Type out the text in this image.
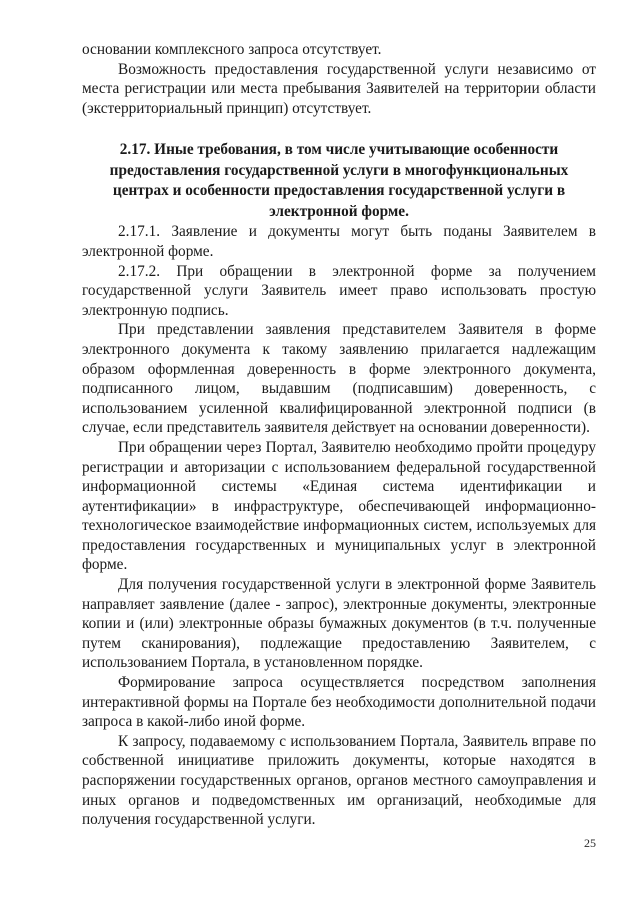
основании комплексного запроса отсутствует.

Возможность предоставления государственной услуги независимо от места регистрации или места пребывания Заявителей на территории области (экстерриториальный принцип) отсутствует.

2.17. Иные требования, в том числе учитывающие особенности предоставления государственной услуги в многофункциональных центрах и особенности предоставления государственной услуги в электронной форме.

2.17.1. Заявление и документы могут быть поданы Заявителем в электронной форме.

2.17.2. При обращении в электронной форме за получением государственной услуги Заявитель имеет право использовать простую электронную подпись.

При представлении заявления представителем Заявителя в форме электронного документа к такому заявлению прилагается надлежащим образом оформленная доверенность в форме электронного документа, подписанного лицом, выдавшим (подписавшим) доверенность, с использованием усиленной квалифицированной электронной подписи (в случае, если представитель заявителя действует на основании доверенности).

При обращении через Портал, Заявителю необходимо пройти процедуру регистрации и авторизации с использованием федеральной государственной информационной системы «Единая система идентификации и аутентификации» в инфраструктуре, обеспечивающей информационно-технологическое взаимодействие информационных систем, используемых для предоставления государственных и муниципальных услуг в электронной форме.

Для получения государственной услуги в электронной форме Заявитель направляет заявление (далее - запрос), электронные документы, электронные копии и (или) электронные образы бумажных документов (в т.ч. полученные путем сканирования), подлежащие предоставлению Заявителем, с использованием Портала, в установленном порядке.

Формирование запроса осуществляется посредством заполнения интерактивной формы на Портале без необходимости дополнительной подачи запроса в какой-либо иной форме.

К запросу, подаваемому с использованием Портала, Заявитель вправе по собственной инициативе приложить документы, которые находятся в распоряжении государственных органов, органов местного самоуправления и иных органов и подведомственных им организаций, необходимые для получения государственной услуги.

25
